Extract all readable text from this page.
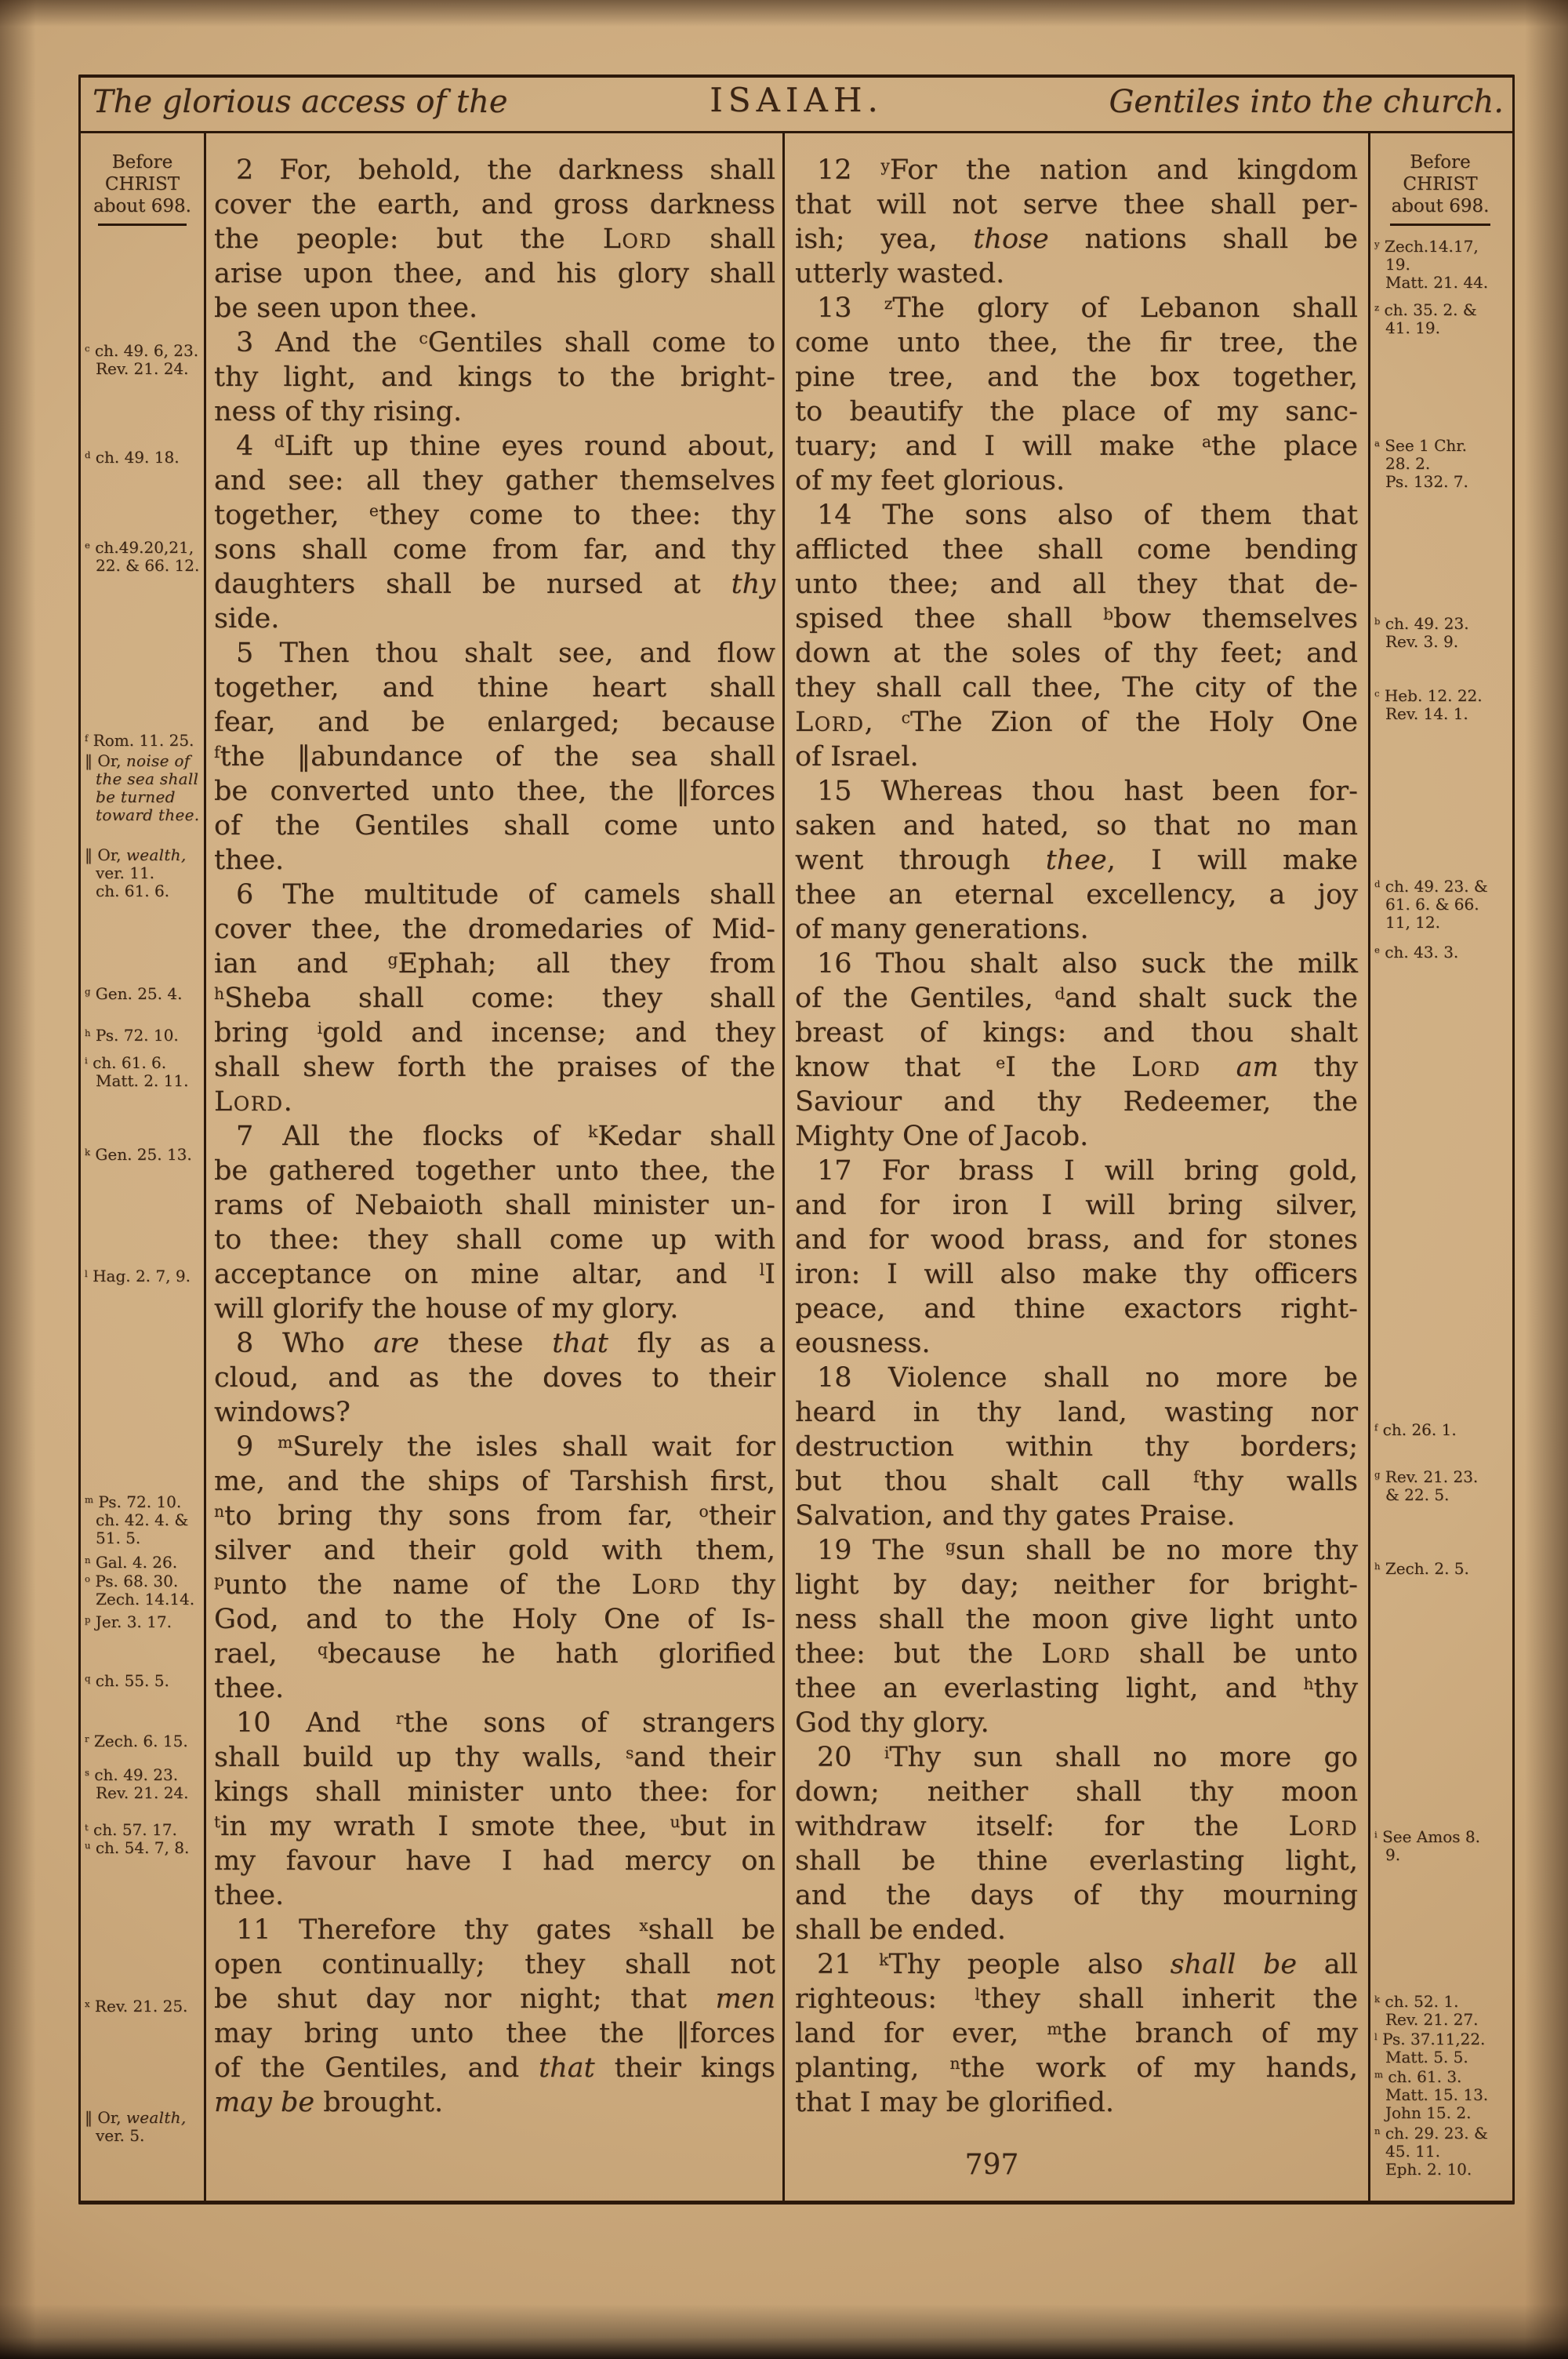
The glorious access of the	ISAIAH.	Gentiles into the church.
Before
CHRIST
about 698.
$^c$ ch. 49. 6, 23.
Rev. 21. 24.
$^d$ ch. 49. 18.
$^e$ ch.49.20,21,
22. & 66. 12.
$^f$ Rom. 11. 25.
‖ Or, noise of the sea shall be turned toward thee.
‖ Or, wealth,
ver. 11.
ch. 61. 6.
$^g$ Gen. 25. 4.
$^h$ Ps. 72. 10.
$^i$ ch. 61. 6.
Matt. 2. 11.
$^k$ Gen. 25. 13.
$^l$ Hag. 2. 7, 9.
$^m$ Ps. 72. 10.
ch. 42. 4. &
51. 5.
$^n$ Gal. 4. 26.
$^o$ Ps. 68. 30.
Zech. 14.14.
$^p$ Jer. 3. 17.
$^q$ ch. 55. 5.
$^r$ Zech. 6. 15.
$^s$ ch. 49. 23.
Rev. 21. 24.
$^t$ ch. 57. 17.
$^u$ ch. 54. 7, 8.
$^x$ Rev. 21. 25.
‖ Or, wealth,
ver. 5.

2 For, behold, the darkness shall
cover the earth, and gross darkness
the people: but the Lord shall
arise upon thee, and his glory shall
be seen upon thee.

3 And the $^c$Gentiles shall come to
thy light, and kings to the bright-
ness of thy rising.

4 $^d$Lift up thine eyes round about,
and see: all they gather themselves
together, $^e$they come to thee: thy
sons shall come from far, and thy
daughters shall be nursed at thy
side.

5 Then thou shalt see, and flow
together, and thine heart shall
fear, and be enlarged; because
$^f$the ‖abundance of the sea shall
be converted unto thee, the ‖forces
of the Gentiles shall come unto
thee.

6 The multitude of camels shall
cover thee, the dromedaries of Mid-
ian and $^g$Ephah; all they from
$^h$Sheba shall come: they shall
bring $^i$gold and incense; and they
shall shew forth the praises of the
Lord.

7 All the flocks of $^k$Kedar shall
be gathered together unto thee, the
rams of Nebaioth shall minister un-
to thee: they shall come up with
acceptance on mine altar, and $^l$I
will glorify the house of my glory.

8 Who are these that fly as a
cloud, and as the doves to their
windows?

9 $^m$Surely the isles shall wait for
me, and the ships of Tarshish first,
$^n$to bring thy sons from far, $^o$their
silver and their gold with them,
$^p$unto the name of the Lord thy
God, and to the Holy One of Is-
rael, $^q$because he hath glorified
thee.

10 And $^r$the sons of strangers
shall build up thy walls, $^s$and their
kings shall minister unto thee: for
$^t$in my wrath I smote thee, $^u$but in
my favour have I had mercy on
thee.

11 Therefore thy gates $^x$shall be
open continually; they shall not
be shut day nor night; that men
may bring unto thee the ‖forces
of the Gentiles, and that their kings
may be brought.

12 $^y$For the nation and kingdom
that will not serve thee shall per-
ish; yea, those nations shall be
utterly wasted.

13 $^z$The glory of Lebanon shall
come unto thee, the fir tree, the
pine tree, and the box together,
to beautify the place of my sanc-
tuary; and I will make $^a$the place
of my feet glorious.

14 The sons also of them that
afflicted thee shall come bending
unto thee; and all they that de-
spised thee shall $^b$bow themselves
down at the soles of thy feet; and
they shall call thee, The city of the
Lord, $^c$The Zion of the Holy One
of Israel.

15 Whereas thou hast been for-
saken and hated, so that no man
went through thee, I will make
thee an eternal excellency, a joy
of many generations.

16 Thou shalt also suck the milk
of the Gentiles, $^d$and shalt suck the
breast of kings: and thou shalt
know that $^e$I the Lord am thy
Saviour and thy Redeemer, the
Mighty One of Jacob.

17 For brass I will bring gold,
and for iron I will bring silver,
and for wood brass, and for stones
iron: I will also make thy officers
peace, and thine exactors right-
eousness.

18 Violence shall no more be
heard in thy land, wasting nor
destruction within thy borders;
but thou shalt call $^f$thy walls
Salvation, and thy gates Praise.

19 The $^g$sun shall be no more thy
light by day; neither for bright-
ness shall the moon give light unto
thee: but the Lord shall be unto
thee an everlasting light, and $^h$thy
God thy glory.

20 $^i$Thy sun shall no more go
down; neither shall thy moon
withdraw itself: for the Lord
shall be thine everlasting light,
and the days of thy mourning
shall be ended.

21 $^k$Thy people also shall be all
righteous: $^l$they shall inherit the
land for ever, $^m$the branch of my
planting, $^n$the work of my hands,
that I may be glorified.

Before
CHRIST
about 698.
$^y$ Zech.14.17,
19.
Matt. 21. 44.
$^z$ ch. 35. 2. &
41. 19.
$^a$ See 1 Chr.
28. 2.
Ps. 132. 7.
$^b$ ch. 49. 23.
Rev. 3. 9.
$^c$ Heb. 12. 22.
Rev. 14. 1.
$^d$ ch. 49. 23. &
61. 6. & 66.
11, 12.
$^e$ ch. 43. 3.
$^f$ ch. 26. 1.
$^g$ Rev. 21. 23.
& 22. 5.
$^h$ Zech. 2. 5.
$^i$ See Amos 8.
9.
$^k$ ch. 52. 1.
Rev. 21. 27.
$^l$ Ps. 37.11,22.
Matt. 5. 5.
$^m$ ch. 61. 3.
Matt. 15. 13.
John 15. 2.
$^n$ ch. 29. 23. &
45. 11.
Eph. 2. 10.
797
